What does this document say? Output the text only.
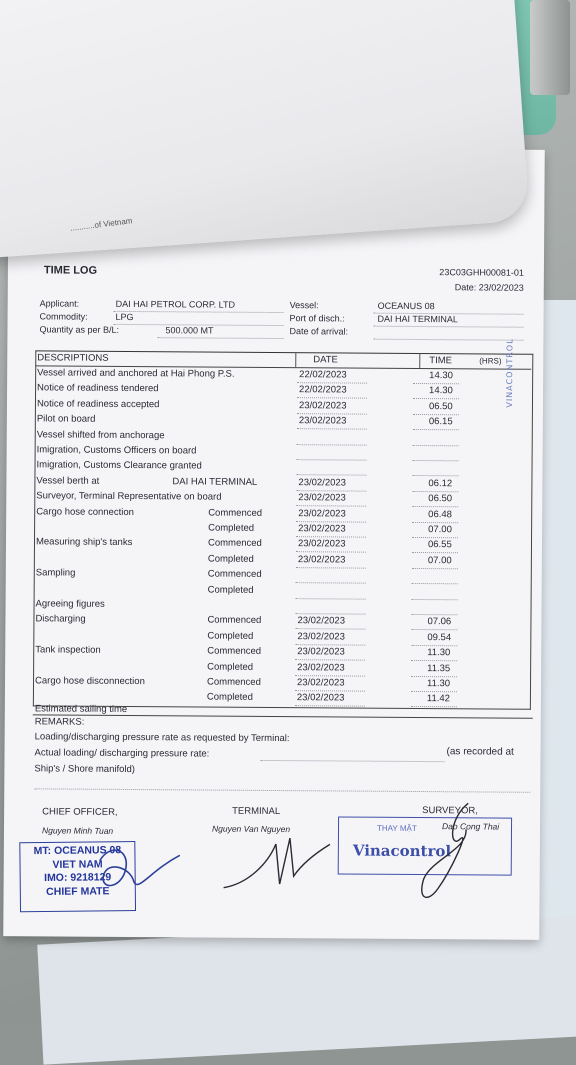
...........of Vietnam
TIME LOG	23C03GHH00081-01
Date: 23/02/2023
Applicant:	DAI HAI PETROL CORP. LTD
Commodity:	LPG
Quantity as per B/L:	500.000 MT
Vessel:	OCEANUS 08
Port of disch.:	DAI HAI TERMINAL
Date of arrival:
DESCRIPTIONS	DATE	TIME	(HRS)
Vessel arrived and anchored at Hai Phong P.S.	22/02/2023	14.30
Notice of readiness tendered	22/02/2023	14.30
Notice of readiness accepted	23/02/2023	06.50
Pilot on board	23/02/2023	06.15
Vessel shifted from anchorage
Imigration, Customs Officers on board
Imigration, Customs Clearance granted
Vessel berth at	DAI HAI TERMINAL	23/02/2023	06.12
Surveyor, Terminal Representative on board	23/02/2023	06.50
Cargo hose connection	Commenced	23/02/2023	06.48
Completed	23/02/2023	07.00
Measuring ship's tanks	Commenced	23/02/2023	06.55
Completed	23/02/2023	07.00
Sampling	Commenced
Completed
Agreeing figures
Discharging	Commenced	23/02/2023	07.06
Completed	23/02/2023	09.54
Tank inspection	Commenced	23/02/2023	11.30
Completed	23/02/2023	11.35
Cargo hose disconnection	Commenced	23/02/2023	11.30
Completed	23/02/2023	11.42
VINACONTROL
Estimated sailing time
REMARKS:
Loading/discharging pressure rate as requested by Terminal:
Actual loading/ discharging pressure rate:
Ship's / Shore manifold)
(as recorded at
CHIEF OFFICER,
Nguyen Minh Tuan
TERMINAL
Nguyen Van Nguyen
SURVEYOR,
Dao Cong Thai
MT: OCEANUS 08
VIET NAM
IMO: 9218129
CHIEF MATE
THAY MẶT
Vinacontrol
